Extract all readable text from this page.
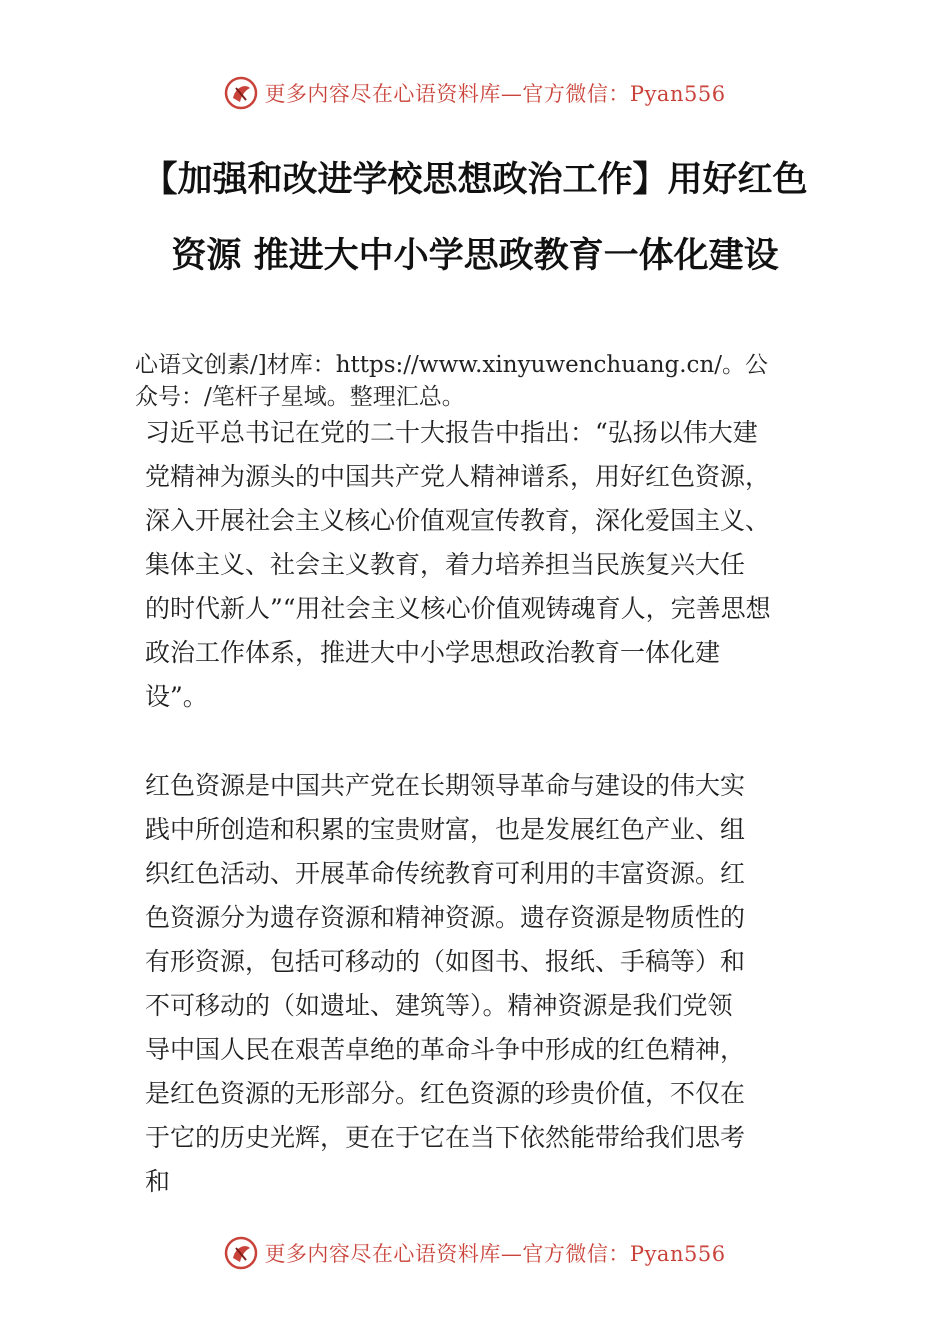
更多内容尽在心语资料库—官方微信：Pyan556
【加强和改进学校思想政治工作】用好红色
资源 推进大中小学思政教育一体化建设
心语文创素/]材库：https://www.xinyuwenchuang.cn/。公
众号：/笔杆子星域。整理汇总。
习近平总书记在党的二十大报告中指出：“弘扬以伟大建
党精神为源头的中国共产党人精神谱系，用好红色资源，
深入开展社会主义核心价值观宣传教育，深化爱国主义、
集体主义、社会主义教育，着力培养担当民族复兴大任
的时代新人”“用社会主义核心价值观铸魂育人，完善思想
政治工作体系，推进大中小学思想政治教育一体化建
设”。
红色资源是中国共产党在长期领导革命与建设的伟大实
践中所创造和积累的宝贵财富，也是发展红色产业、组
织红色活动、开展革命传统教育可利用的丰富资源。红
色资源分为遗存资源和精神资源。遗存资源是物质性的
有形资源，包括可移动的（如图书、报纸、手稿等）和
不可移动的（如遗址、建筑等）。精神资源是我们党领
导中国人民在艰苦卓绝的革命斗争中形成的红色精神，
是红色资源的无形部分。红色资源的珍贵价值，不仅在
于它的历史光辉，更在于它在当下依然能带给我们思考
和
更多内容尽在心语资料库—官方微信：Pyan556
